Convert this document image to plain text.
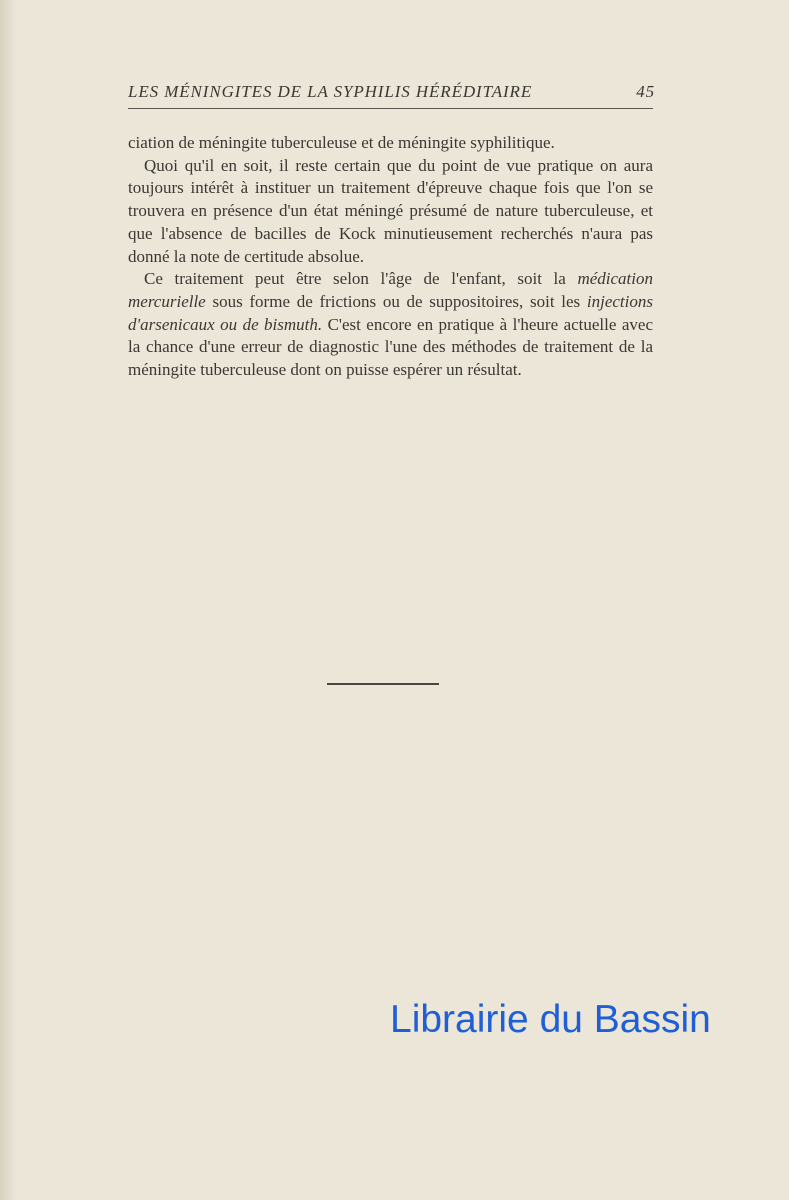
LES MÉNINGITES DE LA SYPHILIS HÉRÉDITAIRE	45

ciation de méningite tuberculeuse et de méningite syphilitique.

Quoi qu'il en soit, il reste certain que du point de vue pratique on aura toujours intérêt à instituer un traitement d'épreuve chaque fois que l'on se trouvera en présence d'un état méningé présumé de nature tuberculeuse, et que l'absence de bacilles de Kock minutieusement recherchés n'aura pas donné la note de certitude absolue.

Ce traitement peut être selon l'âge de l'enfant, soit la médication mercurielle sous forme de frictions ou de suppositoires, soit les injections d'arsenicaux ou de bismuth. C'est encore en pratique à l'heure actuelle avec la chance d'une erreur de diagnostic l'une des méthodes de traitement de la méningite tuberculeuse dont on puisse espérer un résultat.

Librairie du Bassin
